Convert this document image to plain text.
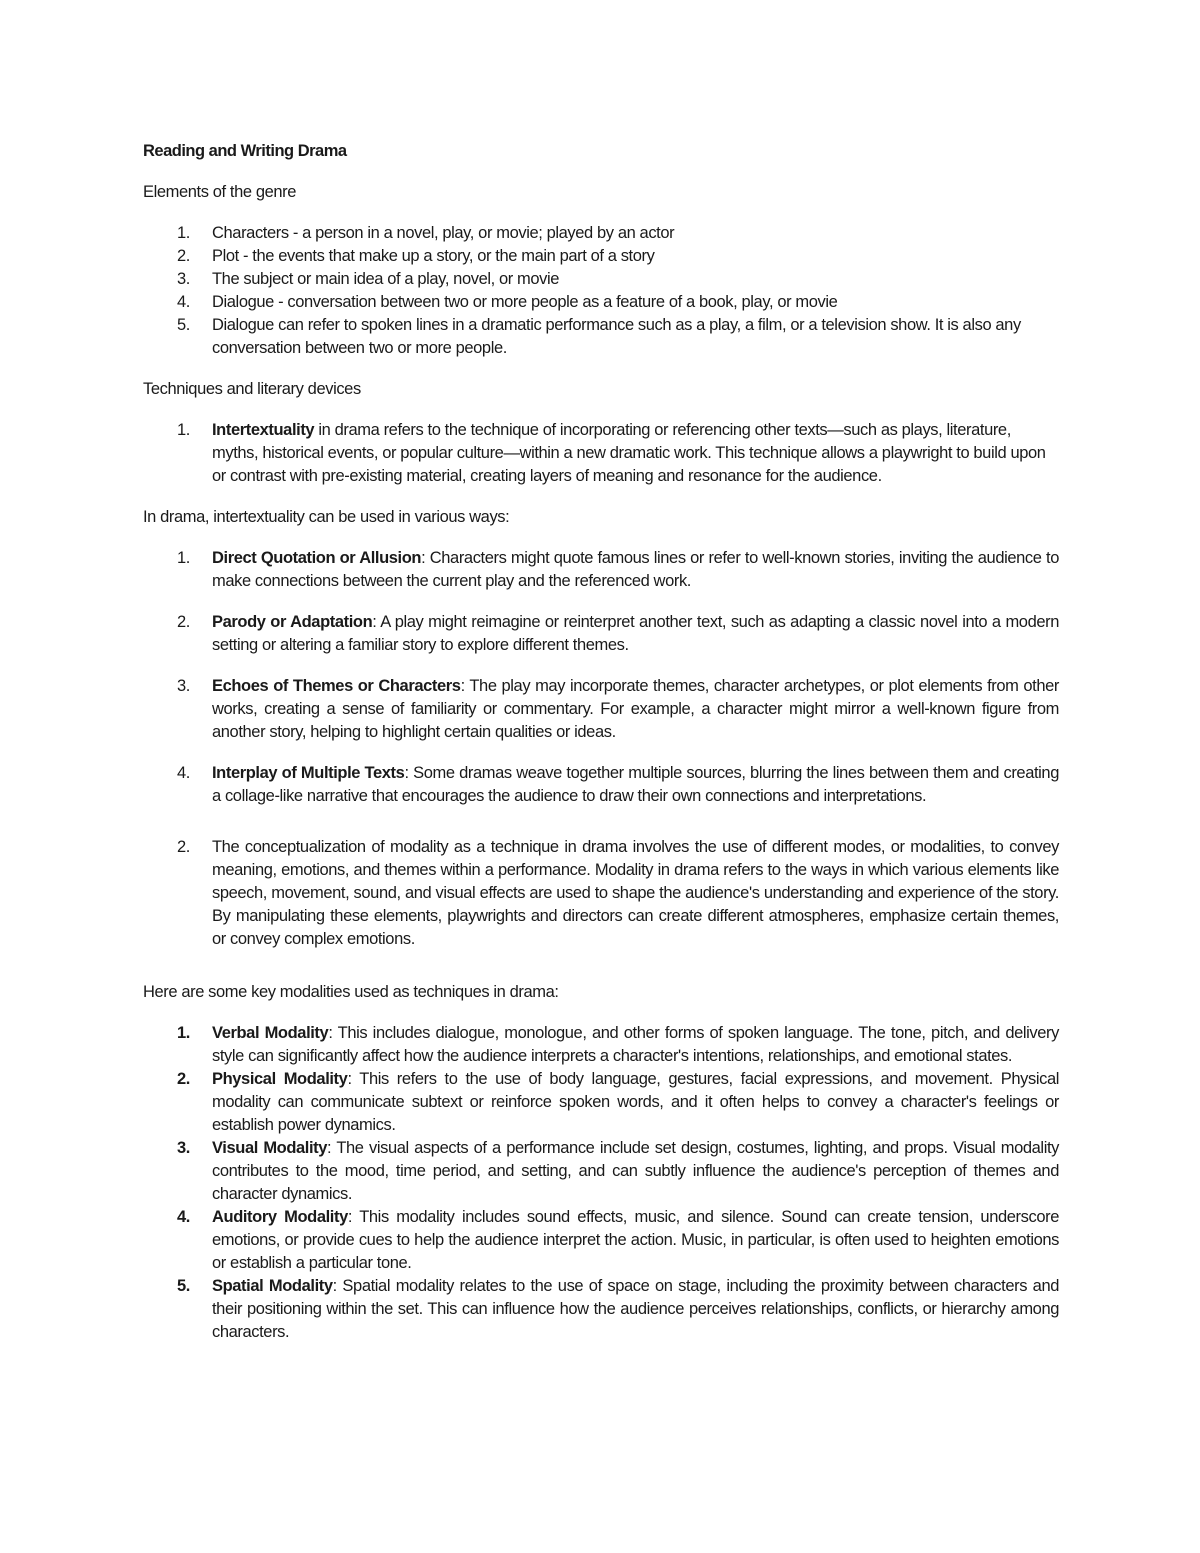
Reading and Writing Drama
Elements of the genre
1. Characters - a person in a novel, play, or movie; played by an actor
2. Plot - the events that make up a story, or the main part of a story
3. The subject or main idea of a play, novel, or movie
4. Dialogue - conversation between two or more people as a feature of a book, play, or movie
5. Dialogue can refer to spoken lines in a dramatic performance such as a play, a film, or a television show. It is also any conversation between two or more people.
Techniques and literary devices
1. Intertextuality in drama refers to the technique of incorporating or referencing other texts—such as plays, literature, myths, historical events, or popular culture—within a new dramatic work. This technique allows a playwright to build upon or contrast with pre-existing material, creating layers of meaning and resonance for the audience.
In drama, intertextuality can be used in various ways:
1. Direct Quotation or Allusion: Characters might quote famous lines or refer to well-known stories, inviting the audience to make connections between the current play and the referenced work.
2. Parody or Adaptation: A play might reimagine or reinterpret another text, such as adapting a classic novel into a modern setting or altering a familiar story to explore different themes.
3. Echoes of Themes or Characters: The play may incorporate themes, character archetypes, or plot elements from other works, creating a sense of familiarity or commentary. For example, a character might mirror a well-known figure from another story, helping to highlight certain qualities or ideas.
4. Interplay of Multiple Texts: Some dramas weave together multiple sources, blurring the lines between them and creating a collage-like narrative that encourages the audience to draw their own connections and interpretations.
2. The conceptualization of modality as a technique in drama involves the use of different modes, or modalities, to convey meaning, emotions, and themes within a performance. Modality in drama refers to the ways in which various elements like speech, movement, sound, and visual effects are used to shape the audience's understanding and experience of the story. By manipulating these elements, playwrights and directors can create different atmospheres, emphasize certain themes, or convey complex emotions.
Here are some key modalities used as techniques in drama:
1. Verbal Modality: This includes dialogue, monologue, and other forms of spoken language. The tone, pitch, and delivery style can significantly affect how the audience interprets a character's intentions, relationships, and emotional states.
2. Physical Modality: This refers to the use of body language, gestures, facial expressions, and movement. Physical modality can communicate subtext or reinforce spoken words, and it often helps to convey a character's feelings or establish power dynamics.
3. Visual Modality: The visual aspects of a performance include set design, costumes, lighting, and props. Visual modality contributes to the mood, time period, and setting, and can subtly influence the audience's perception of themes and character dynamics.
4. Auditory Modality: This modality includes sound effects, music, and silence. Sound can create tension, underscore emotions, or provide cues to help the audience interpret the action. Music, in particular, is often used to heighten emotions or establish a particular tone.
5. Spatial Modality: Spatial modality relates to the use of space on stage, including the proximity between characters and their positioning within the set. This can influence how the audience perceives relationships, conflicts, or hierarchy among characters.
